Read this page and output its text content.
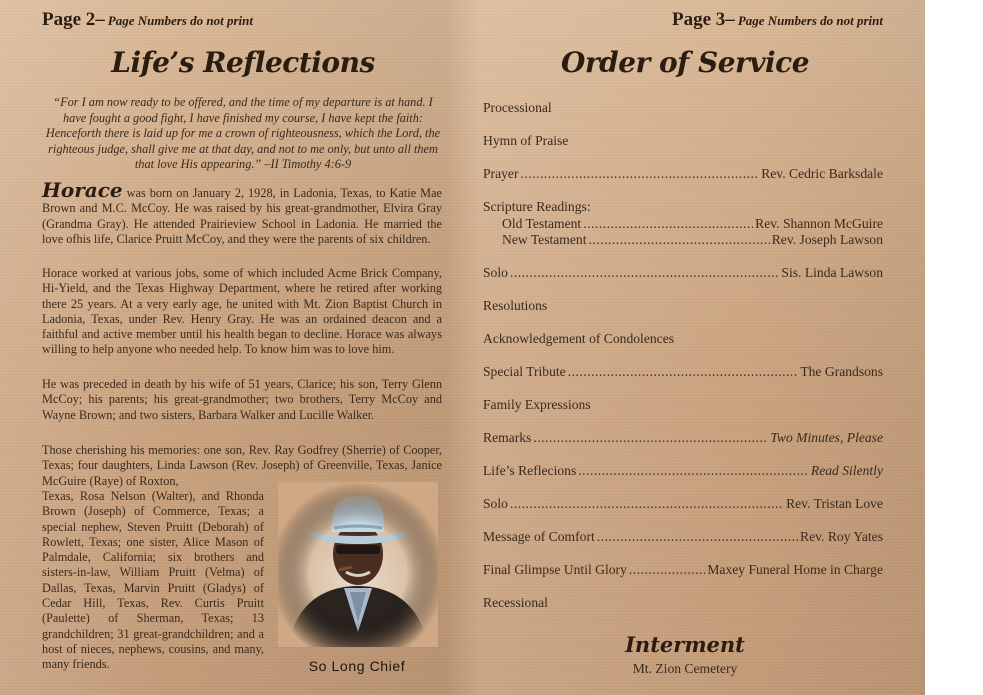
Page 2– Page Numbers do not print
Life’s Reflections
“For I am now ready to be offered, and the time of my departure is at hand. I have fought a good fight, I have finished my course, I have kept the faith: Henceforth there is laid up for me a crown of righteousness, which the Lord, the righteous judge, shall give me at that day, and not to me only, but unto all them that love His appearing.” –II Timothy 4:6-9

Horace was born on January 2, 1928, in Ladonia, Texas, to Katie Mae Brown and M.C. McCoy. He was raised by his great-grandmother, Elvira Gray (Grandma Gray). He attended Prairieview School in Ladonia. He married the love ofhis life, Clarice Pruitt McCoy, and they were the parents of six children.

Horace worked at various jobs, some of which included Acme Brick Company, Hi-Yield, and the Texas Highway Department, where he retired after working there 25 years. At a very early age, he united with Mt. Zion Baptist Church in Ladonia, Texas, under Rev. Henry Gray. He was an ordained deacon and a faithful and active member until his health began to decline. Horace was always willing to help anyone who needed help. To know him was to love him.

He was preceded in death by his wife of 51 years, Clarice; his son, Terry Glenn McCoy; his parents; his great-grandmother; two brothers, Terry McCoy and Wayne Brown; and two sisters, Barbara Walker and Lucille Walker.

Those cherishing his memories: one son, Rev. Ray Godfrey (Sherrie) of Cooper, Texas; four daughters, Linda Lawson (Rev. Joseph) of Greenville, Texas, Janice McGuire (Raye) of Roxton,
Texas, Rosa Nelson (Walter), and Rhonda Brown (Joseph) of Commerce, Texas; a special nephew, Steven Pruitt (Deborah) of Rowlett, Texas; one sister, Alice Mason of Palmdale, California; six brothers and sisters-in-law, William Pruitt (Velma) of Dallas, Texas, Marvin Pruitt (Gladys) of Cedar Hill, Texas, Rev. Curtis Pruitt (Paulette) of Sherman, Texas; 13 grandchildren; 31 great-grandchildren; and a host of nieces, nephews, cousins, and many, many friends.	So Long Chief
Page 3– Page Numbers do not print
Order of Service
Processional
Hymn of Praise
Prayer .....	Rev. Cedric Barksdale
Scripture Readings:
Old Testament .....	Rev. Shannon McGuire
New Testament .....	Rev. Joseph Lawson
Solo .....	Sis. Linda Lawson
Resolutions
Acknowledgement of Condolences
Special Tribute .....	The Grandsons
Family Expressions
Remarks .....	Two Minutes, Please
Life’s Reflecions .....	Read Silently
Solo .....	Rev. Tristan Love
Message of Comfort .....	Rev. Roy Yates
Final Glimpse Until Glory .....	Maxey Funeral Home in Charge
Recessional
Interment
Mt. Zion Cemetery
